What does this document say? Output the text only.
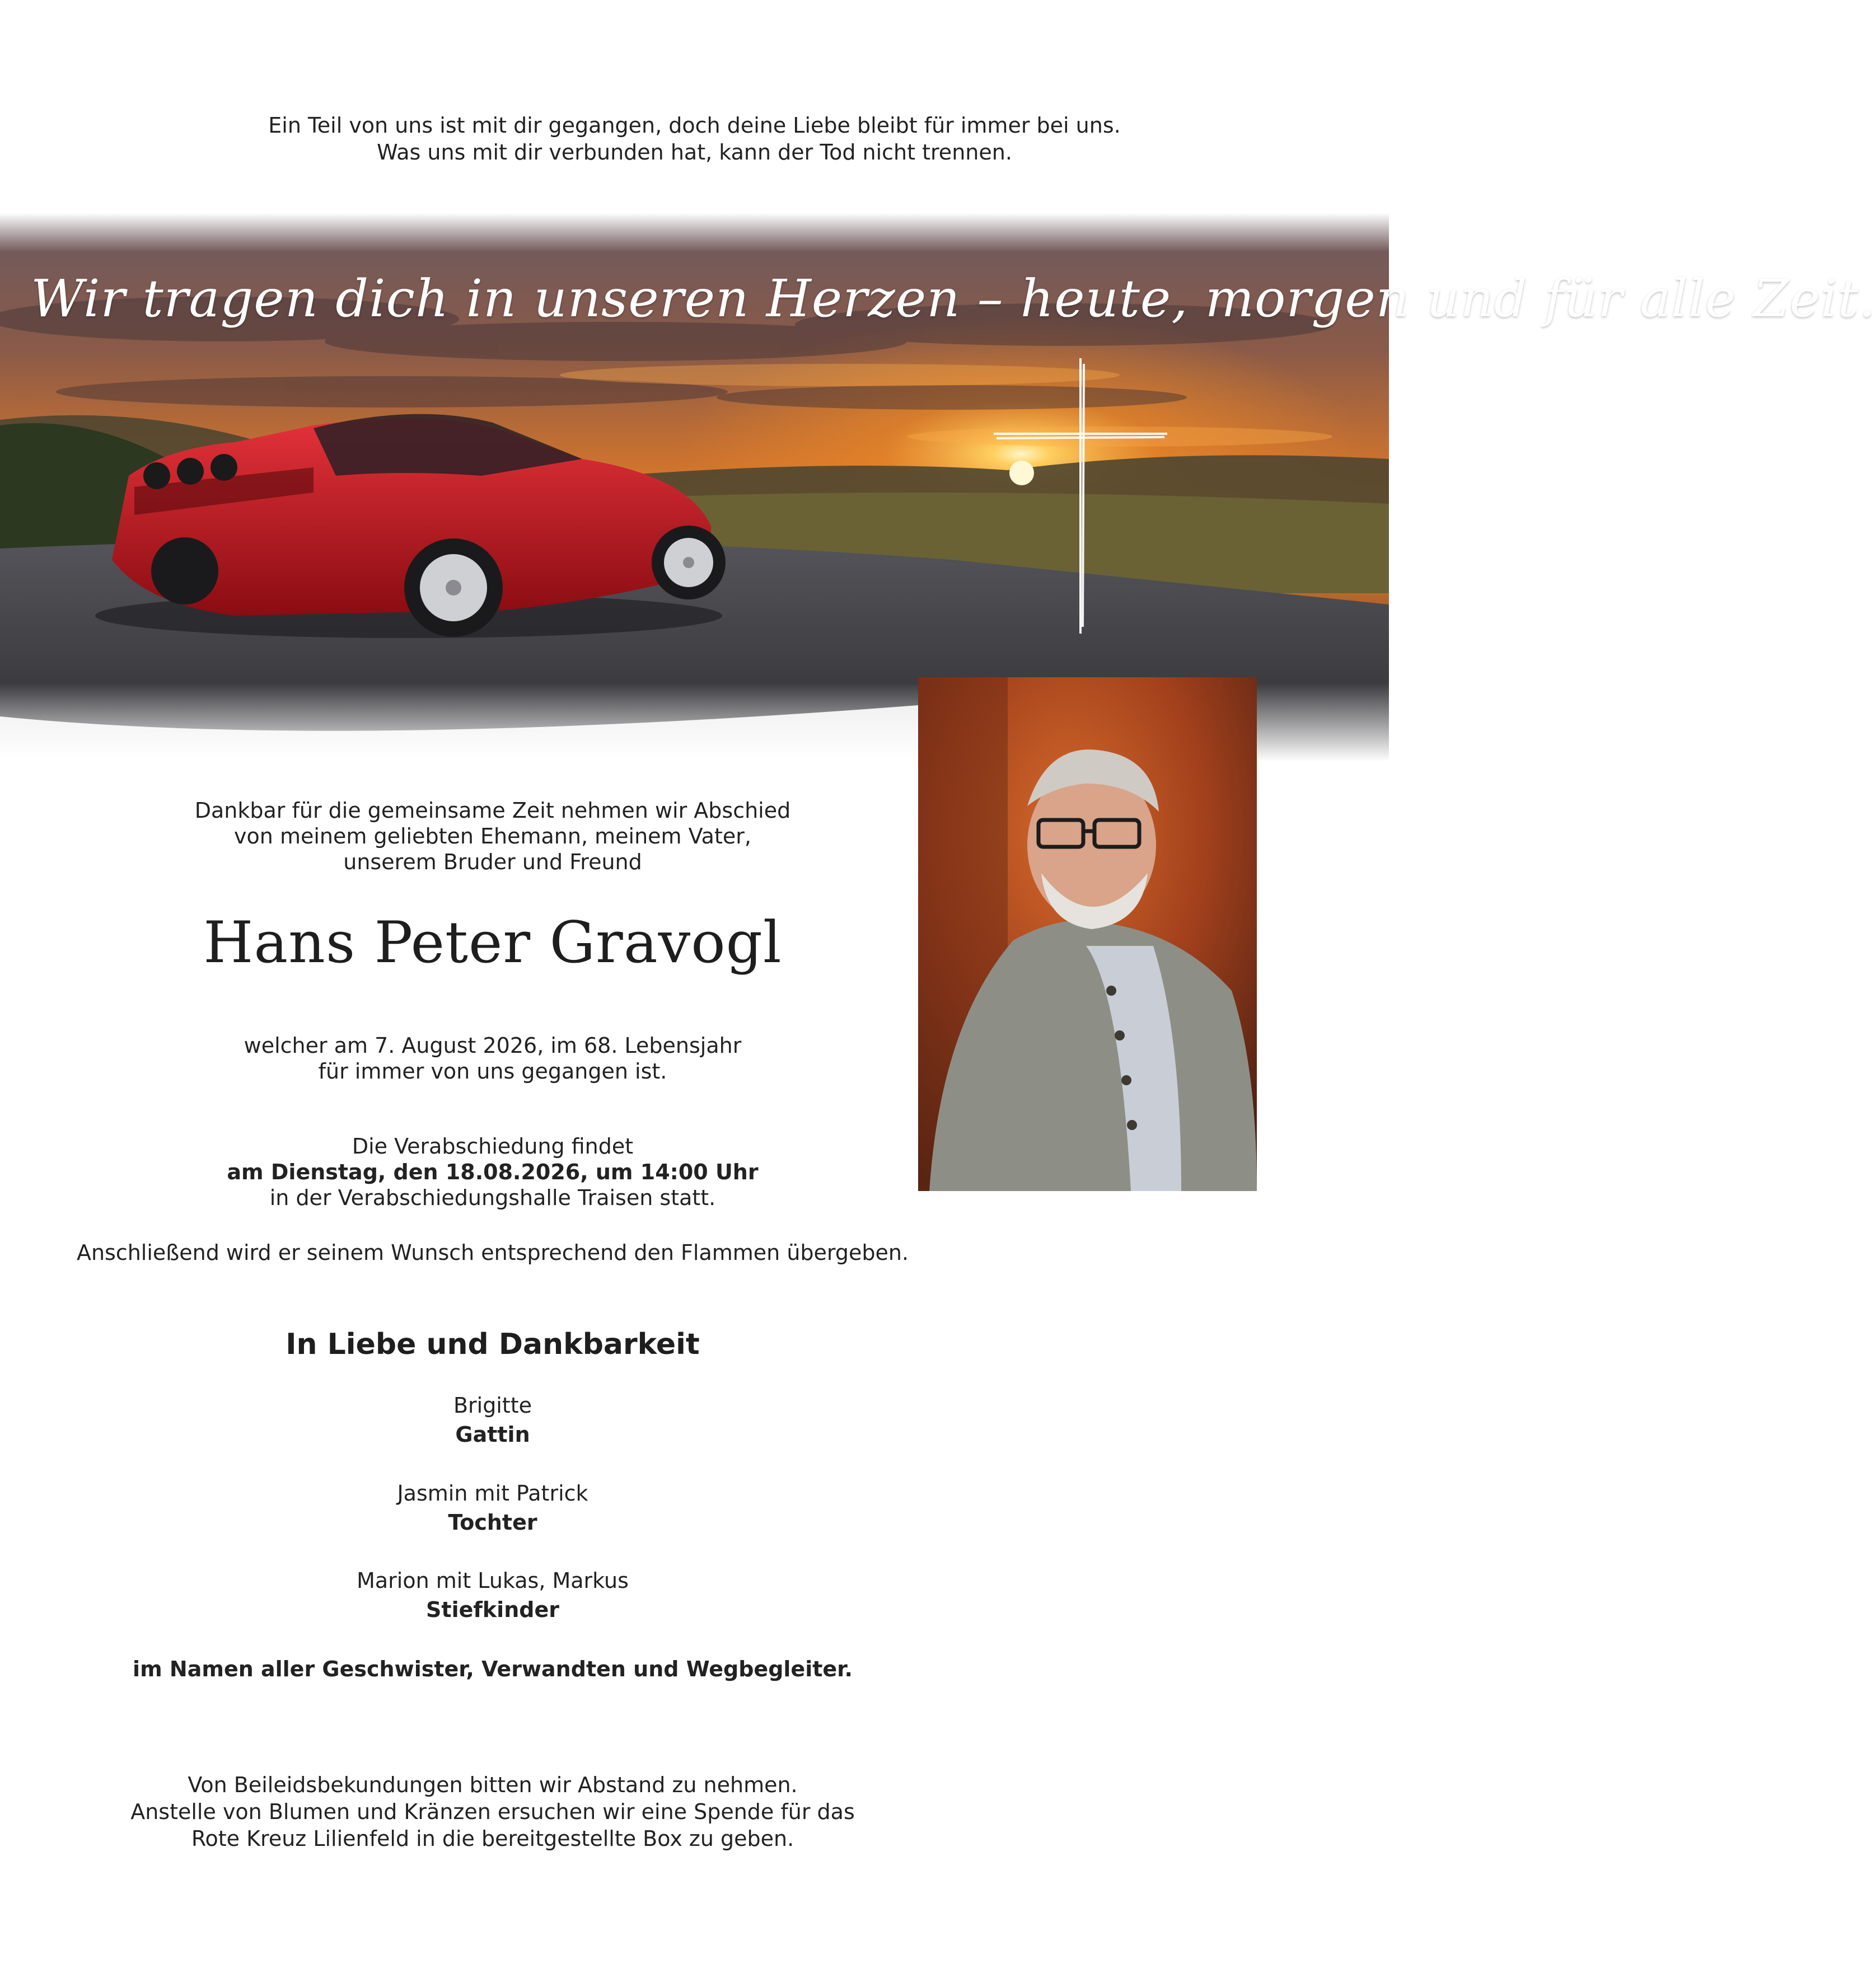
Ein Teil von uns ist mit dir gegangen, doch deine Liebe bleibt für immer bei uns.
Was uns mit dir verbunden hat, kann der Tod nicht trennen.
Wir tragen dich in unseren Herzen – heute, morgen und für alle Zeit.
Dankbar für die gemeinsame Zeit nehmen wir Abschied
von meinem geliebten Ehemann, meinem Vater,
unserem Bruder und Freund
Hans Peter Gravogl
welcher am 7. August 2026, im 68. Lebensjahr
für immer von uns gegangen ist.
Die Verabschiedung findet
am Dienstag, den 18.08.2026, um 14:00 Uhr
in der Verabschiedungshalle Traisen statt.
Anschließend wird er seinem Wunsch entsprechend den Flammen übergeben.
In Liebe und Dankbarkeit
Brigitte
Gattin
Jasmin mit Patrick
Tochter
Marion mit Lukas, Markus
Stiefkinder
im Namen aller Geschwister, Verwandten und Wegbegleiter.
Von Beileidsbekundungen bitten wir Abstand zu nehmen.
Anstelle von Blumen und Kränzen ersuchen wir eine Spende für das
Rote Kreuz Lilienfeld in die bereitgestellte Box zu geben.
